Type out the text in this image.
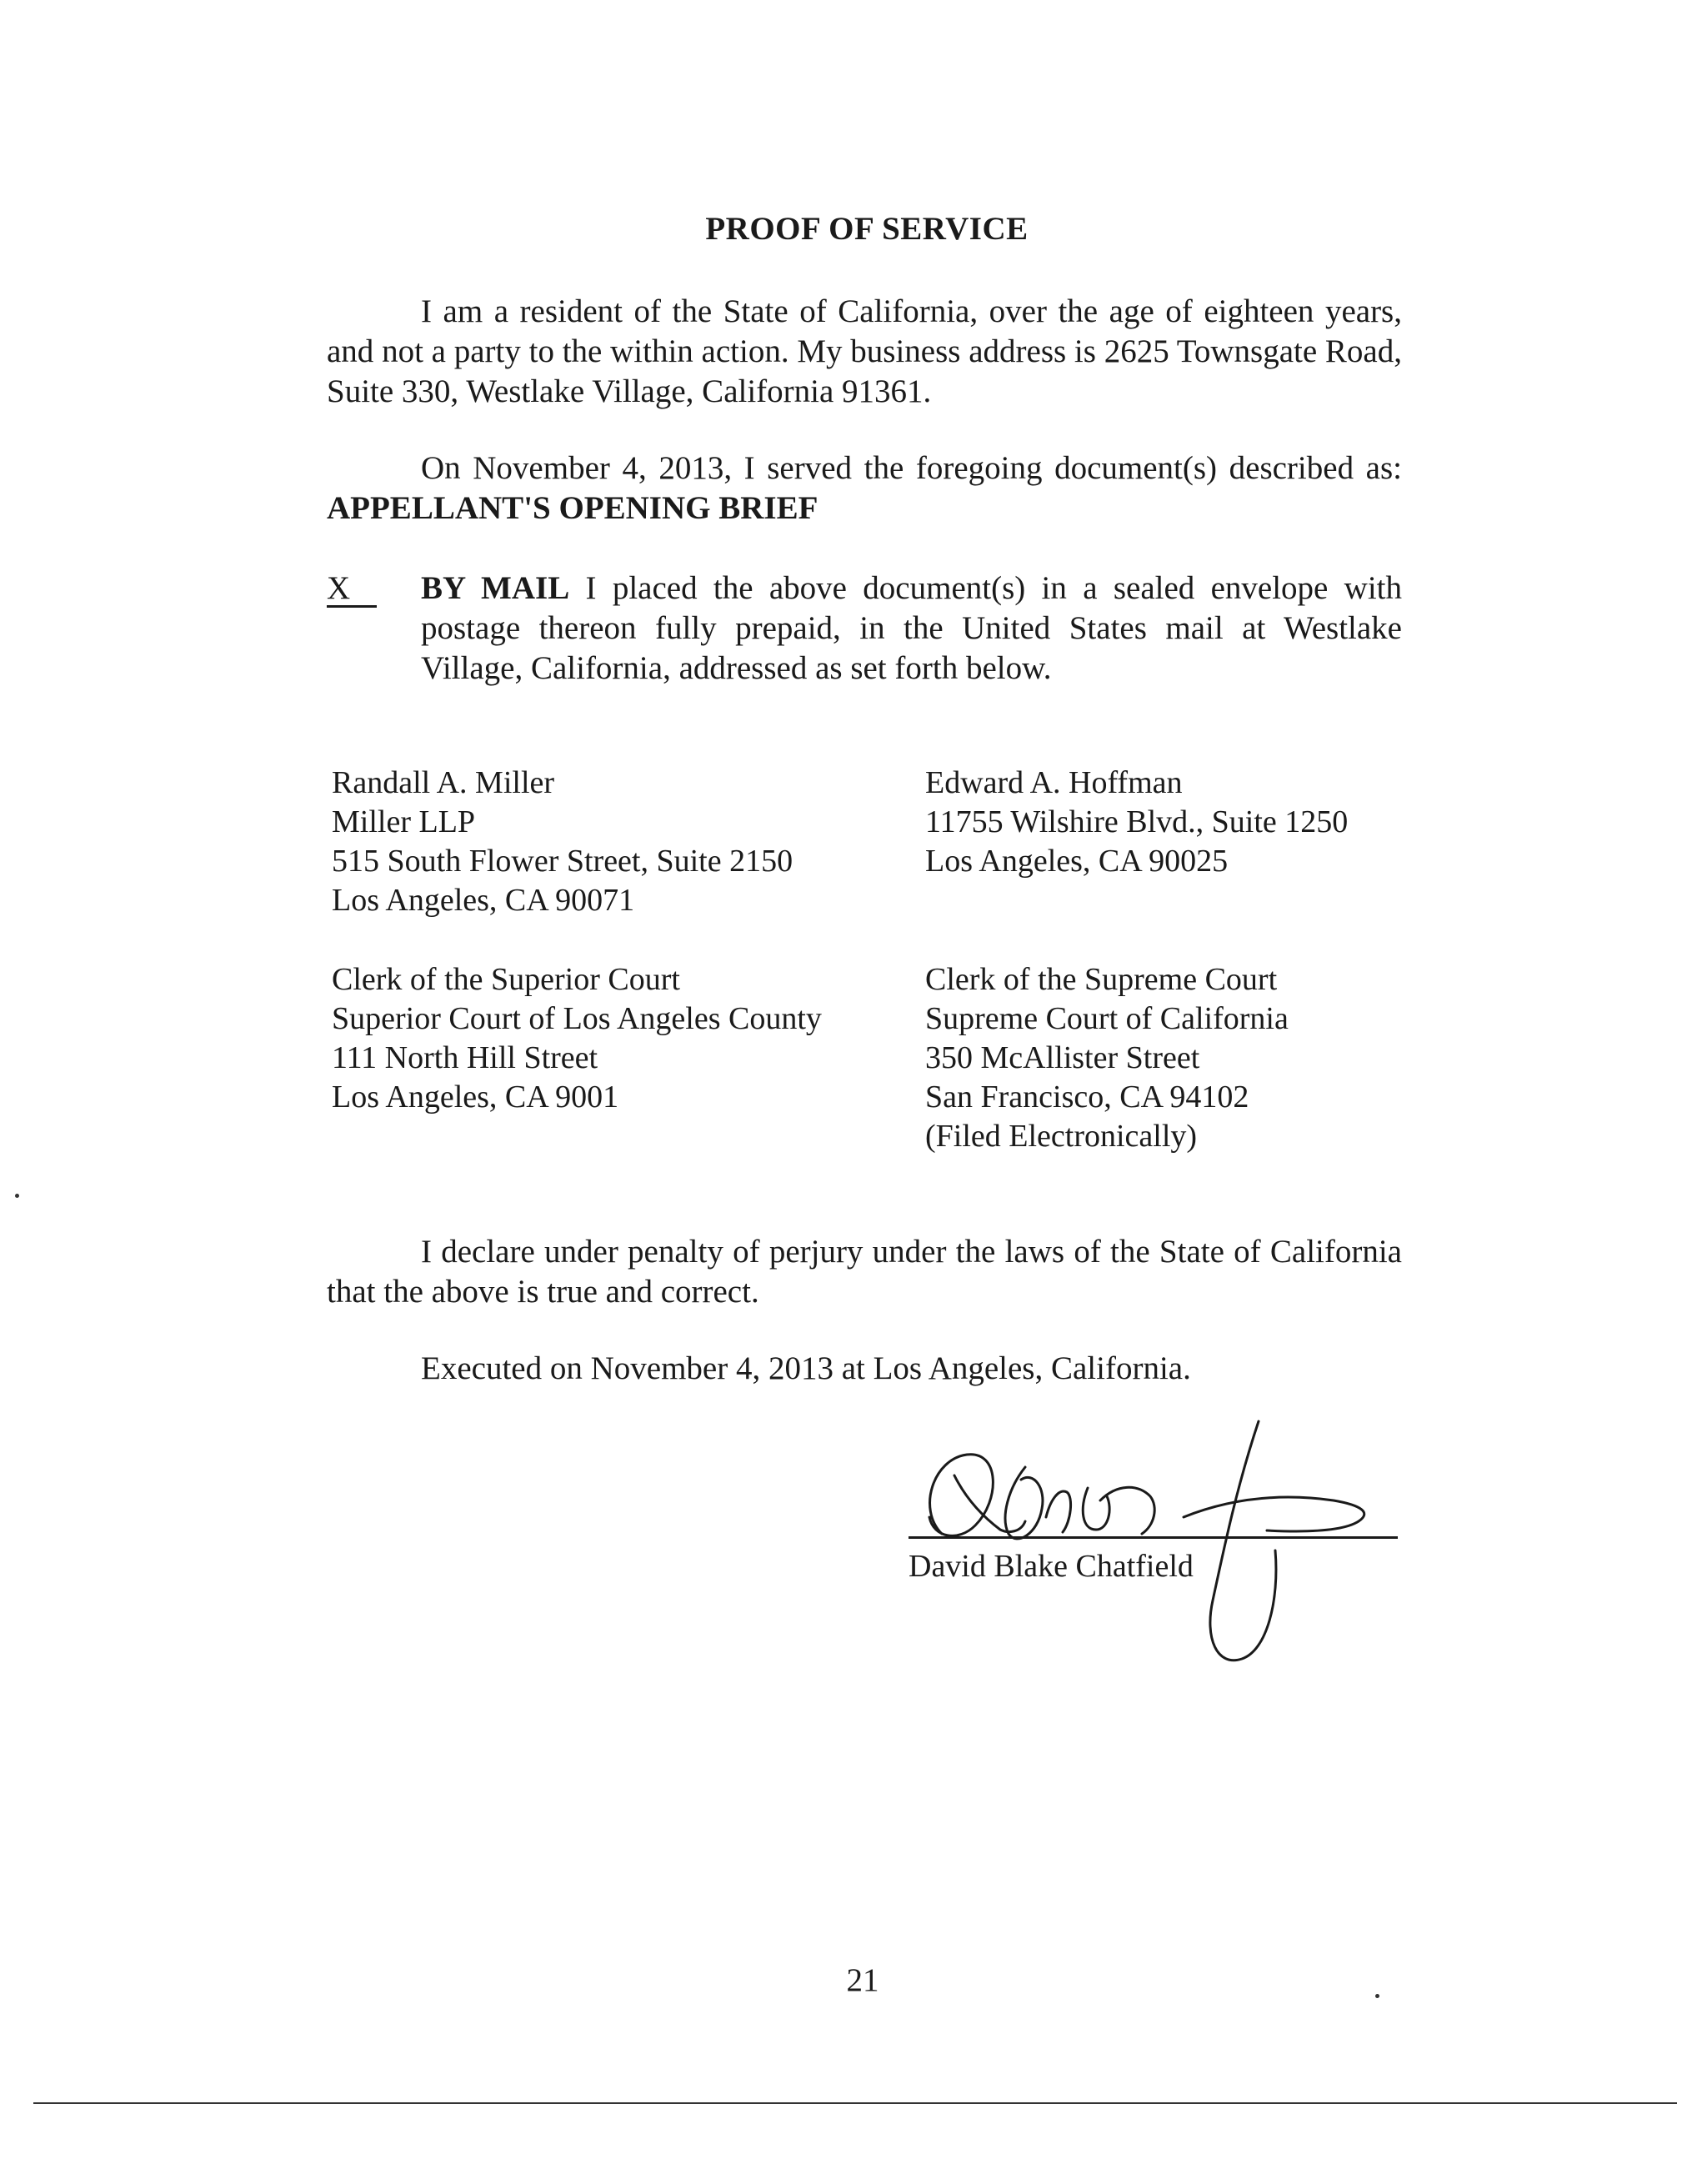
PROOF OF SERVICE
I am a resident of the State of California, over the age of eighteen years, and not a party to the within action. My business address is 2625 Townsgate Road, Suite 330, Westlake Village, California 91361.
On November 4, 2013, I served the foregoing document(s) described as: APPELLANT'S OPENING BRIEF
X	BY MAIL I placed the above document(s) in a sealed envelope with postage thereon fully prepaid, in the United States mail at Westlake Village, California, addressed as set forth below.
Randall A. Miller
Miller LLP
515 South Flower Street, Suite 2150
Los Angeles, CA 90071
Edward A. Hoffman
11755 Wilshire Blvd., Suite 1250
Los Angeles, CA 90025
Clerk of the Superior Court
Superior Court of Los Angeles County
111 North Hill Street
Los Angeles, CA 9001
Clerk of the Supreme Court
Supreme Court of California
350 McAllister Street
San Francisco, CA 94102
(Filed Electronically)
I declare under penalty of perjury under the laws of the State of California that the above is true and correct.
Executed on November 4, 2013 at Los Angeles, California.
David Blake Chatfield
21
